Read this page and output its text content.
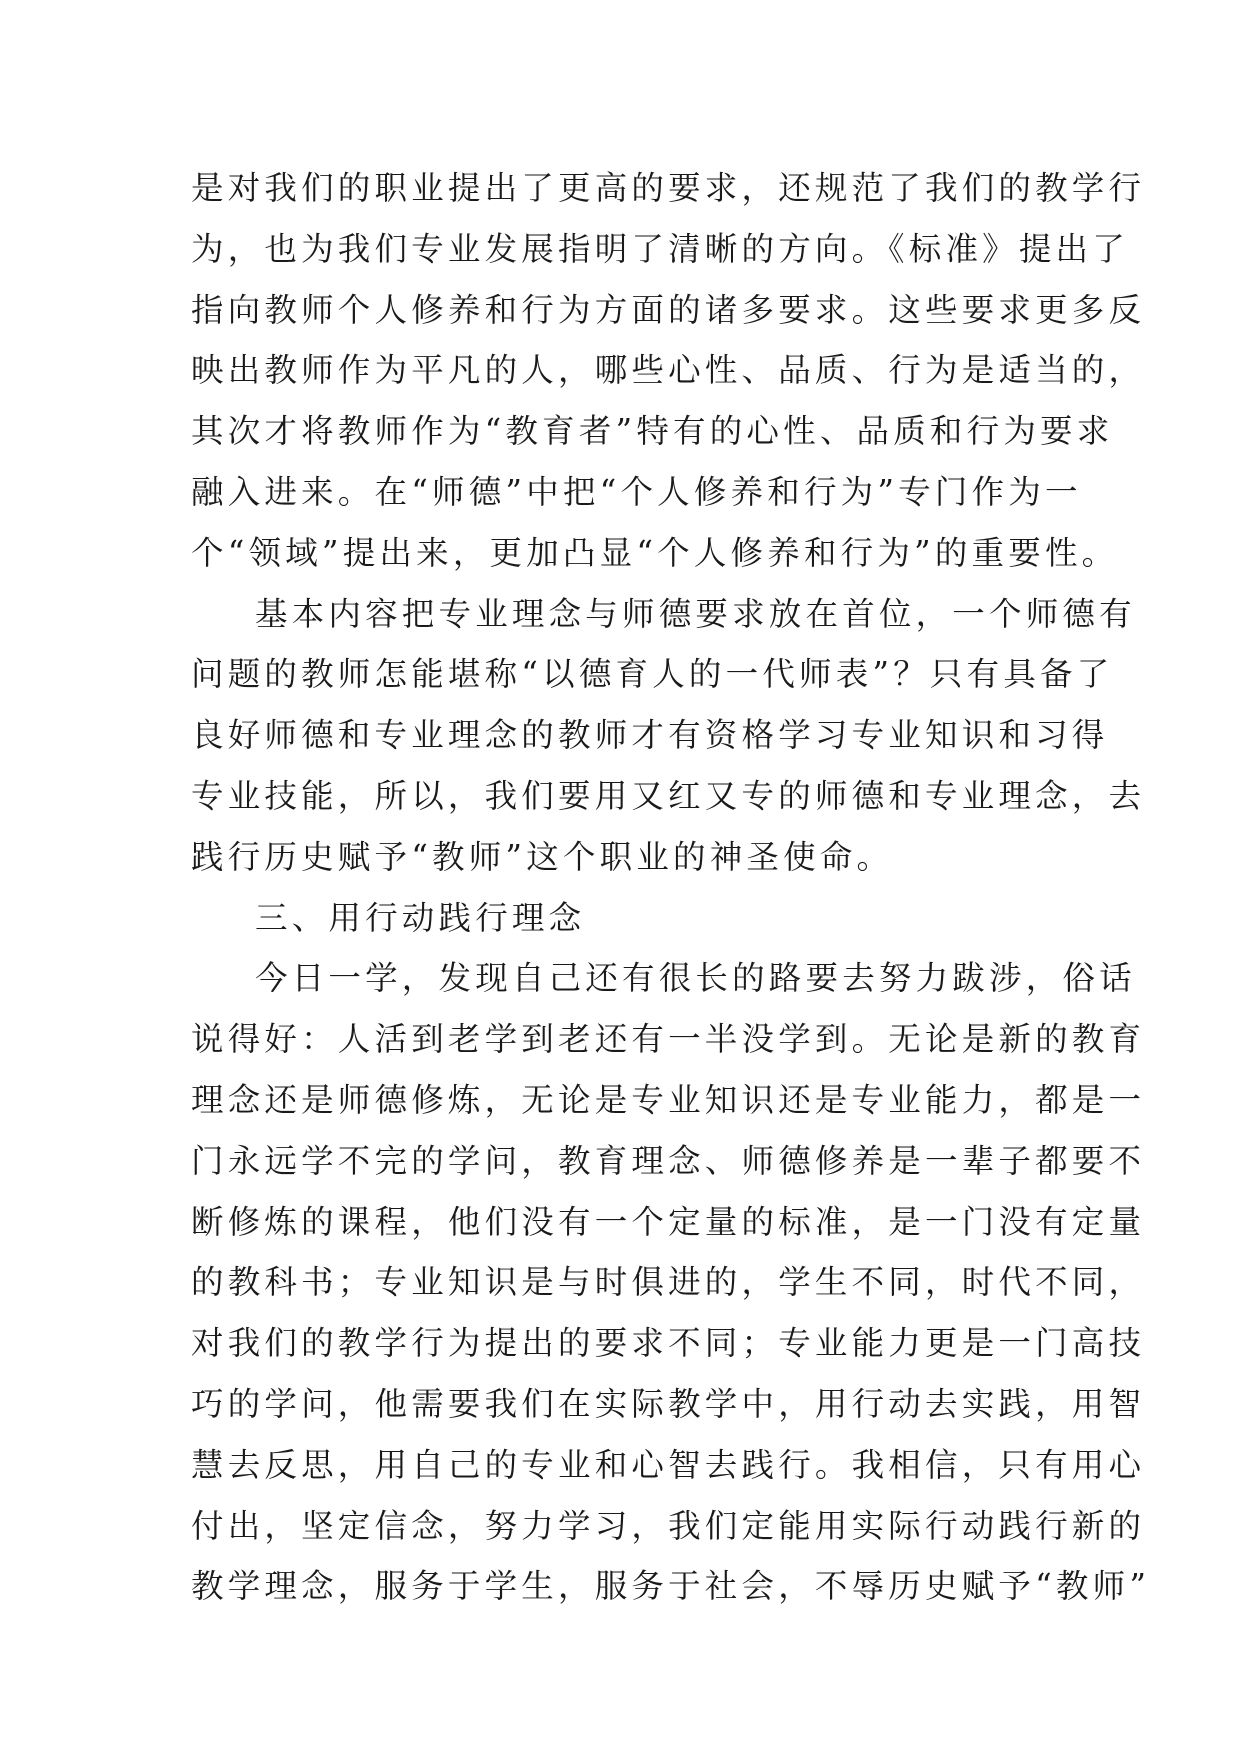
是对我们的职业提出了更高的要求，还规范了我们的教学行
为，也为我们专业发展指明了清晰的方向。《标准》提出了
指向教师个人修养和行为方面的诸多要求。这些要求更多反
映出教师作为平凡的人，哪些心性、品质、行为是适当的，
其次才将教师作为“教育者”特有的心性、品质和行为要求
融入进来。在“师德”中把“个人修养和行为”专门作为一
个“领域”提出来，更加凸显“个人修养和行为”的重要性。
基本内容把专业理念与师德要求放在首位，一个师德有
问题的教师怎能堪称“以德育人的一代师表”？只有具备了
良好师德和专业理念的教师才有资格学习专业知识和习得
专业技能，所以，我们要用又红又专的师德和专业理念，去
践行历史赋予“教师”这个职业的神圣使命。
三、用行动践行理念
今日一学，发现自己还有很长的路要去努力跋涉，俗话
说得好：人活到老学到老还有一半没学到。无论是新的教育
理念还是师德修炼，无论是专业知识还是专业能力，都是一
门永远学不完的学问，教育理念、师德修养是一辈子都要不
断修炼的课程，他们没有一个定量的标准，是一门没有定量
的教科书；专业知识是与时俱进的，学生不同，时代不同，
对我们的教学行为提出的要求不同；专业能力更是一门高技
巧的学问，他需要我们在实际教学中，用行动去实践，用智
慧去反思，用自己的专业和心智去践行。我相信，只有用心
付出，坚定信念，努力学习，我们定能用实际行动践行新的
教学理念，服务于学生，服务于社会，不辱历史赋予“教师”
